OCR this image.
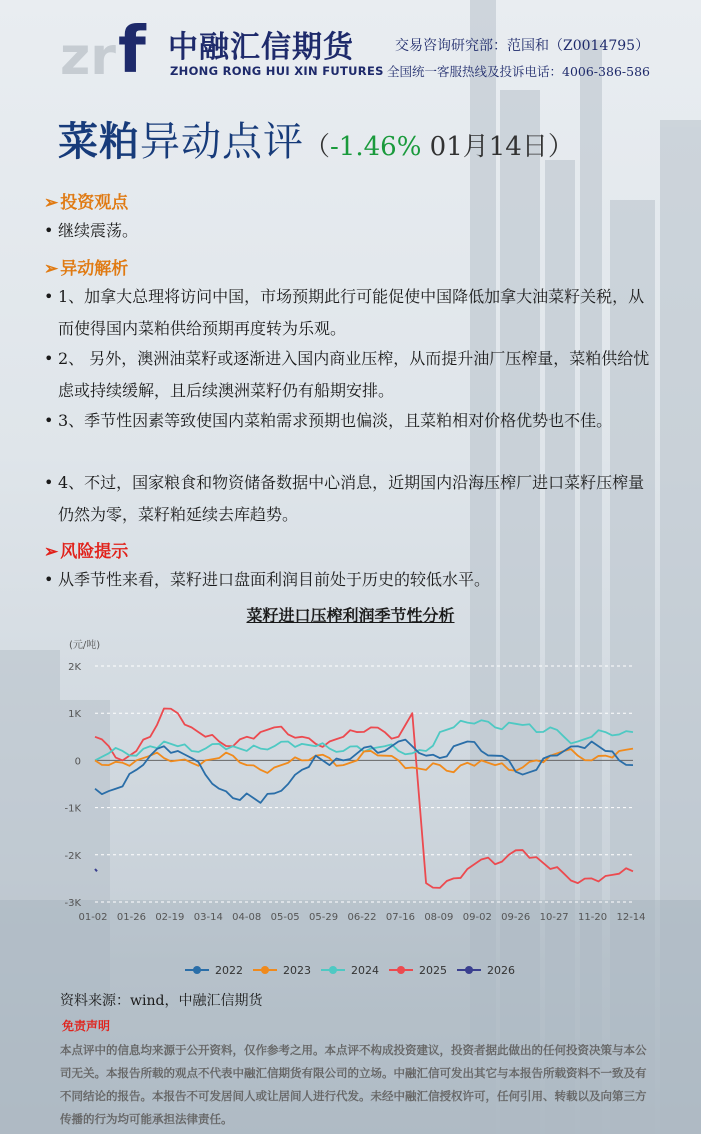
zr f 中融汇信期货
ZHONG RONG HUI XIN FUTURES
交易咨询研究部：范国和（Z0014795）
全国统一客服热线及投诉电话：4006-386-586
菜粕异动点评（-1.46% 01月14日）
➢ 投资观点
• 继续震荡。
➢ 异动解析
• 1、加拿大总理将访问中国，市场预期此行可能促使中国降低加拿大油菜籽关税，从而使得国内菜粕供给预期再度转为乐观。
• 2、 另外，澳洲油菜籽或逐渐进入国内商业压榨，从而提升油厂压榨量，菜粕供给忧虑或持续缓解，且后续澳洲菜籽仍有船期安排。
• 3、季节性因素等致使国内菜粕需求预期也偏淡，且菜粕相对价格优势也不佳。
• 4、不过，国家粮食和物资储备数据中心消息，近期国内沿海压榨厂进口菜籽压榨量仍然为零，菜籽粕延续去库趋势。
➢ 风险提示
• 从季节性来看，菜籽进口盘面利润目前处于历史的较低水平。
菜籽进口压榨利润季节性分析
(元/吨)
2K
1K
0
-1K
-2K
-3K
01-02 01-26 02-19 03-14 04-08 05-05 05-29 06-22 07-16 08-09 09-02 09-26 10-27 11-20 12-14
2022	2023	2024	2025	2026
资料来源：wind，中融汇信期货
免责声明
本点评中的信息均来源于公开资料，仅作参考之用。本点评不构成投资建议，投资者据此做出的任何投资决策与本公司无关。本报告所载的观点不代表中融汇信期货有限公司的立场。中融汇信可发出其它与本报告所载资料不一致及有不同结论的报告。本报告不可发居间人或让居间人进行代发。未经中融汇信授权许可，任何引用、转载以及向第三方传播的行为均可能承担法律责任。
